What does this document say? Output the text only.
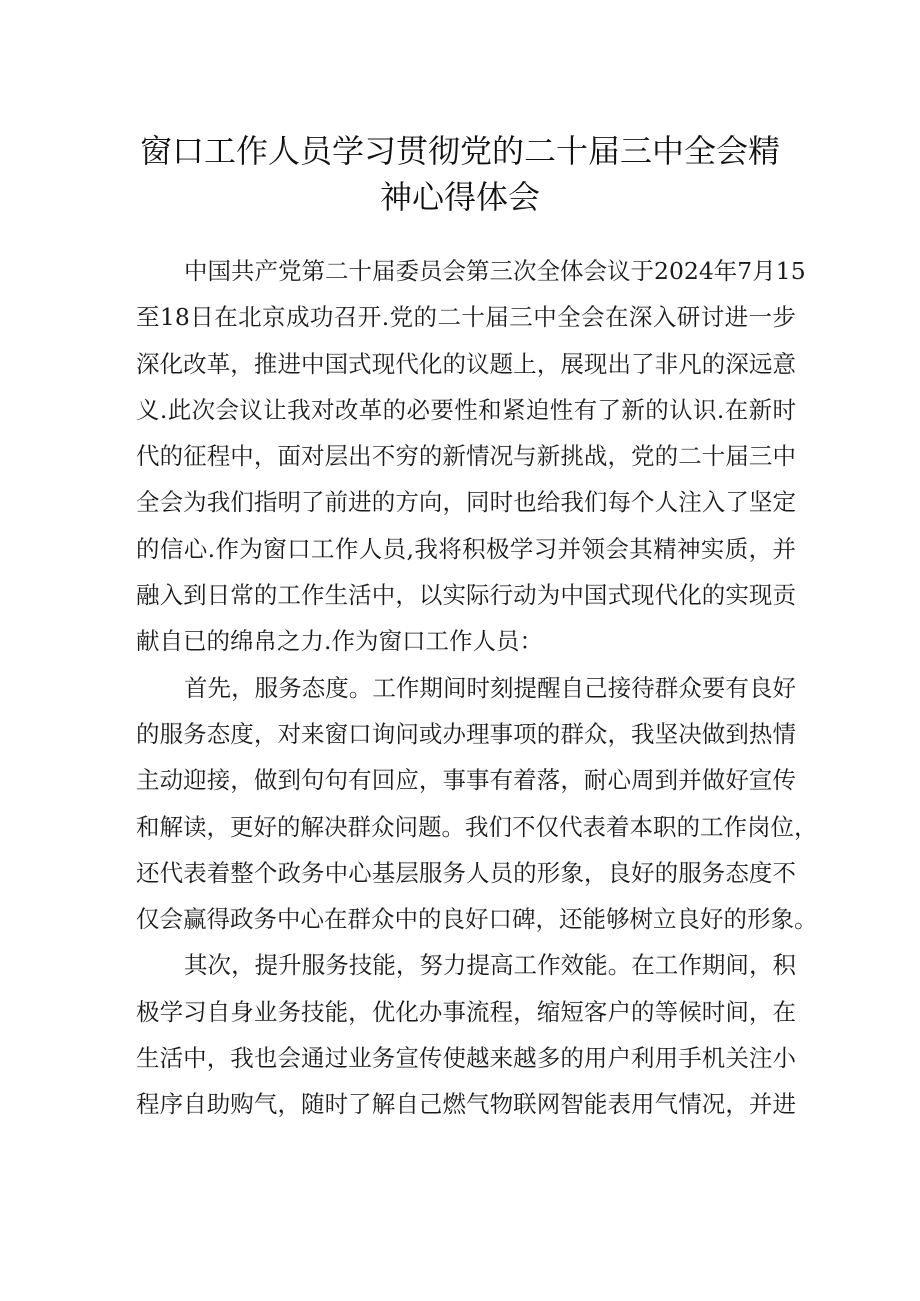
窗口工作人员学习贯彻党的二十届三中全会精
神心得体会
中国共产党第二十届委员会第三次全体会议于2024年7月15
至18日在北京成功召开.党的二十届三中全会在深入研讨进一步
深化改革，推进中国式现代化的议题上，展现出了非凡的深远意
义.此次会议让我对改革的必要性和紧迫性有了新的认识.在新时
代的征程中，面对层出不穷的新情况与新挑战，党的二十届三中
全会为我们指明了前进的方向，同时也给我们每个人注入了坚定
的信心.作为窗口工作人员,我将积极学习并领会其精神实质，并
融入到日常的工作生活中，以实际行动为中国式现代化的实现贡
献自已的绵帛之力.作为窗口工作人员：
首先，服务态度。工作期间时刻提醒自己接待群众要有良好
的服务态度，对来窗口询问或办理事项的群众，我坚决做到热情
主动迎接，做到句句有回应，事事有着落，耐心周到并做好宣传
和解读，更好的解决群众问题。我们不仅代表着本职的工作岗位，
还代表着整个政务中心基层服务人员的形象，良好的服务态度不
仅会赢得政务中心在群众中的良好口碑，还能够树立良好的形象。
其次，提升服务技能，努力提高工作效能。在工作期间，积
极学习自身业务技能，优化办事流程，缩短客户的等候时间，在
生活中，我也会通过业务宣传使越来越多的用户利用手机关注小
程序自助购气，随时了解自己燃气物联网智能表用气情况，并进
